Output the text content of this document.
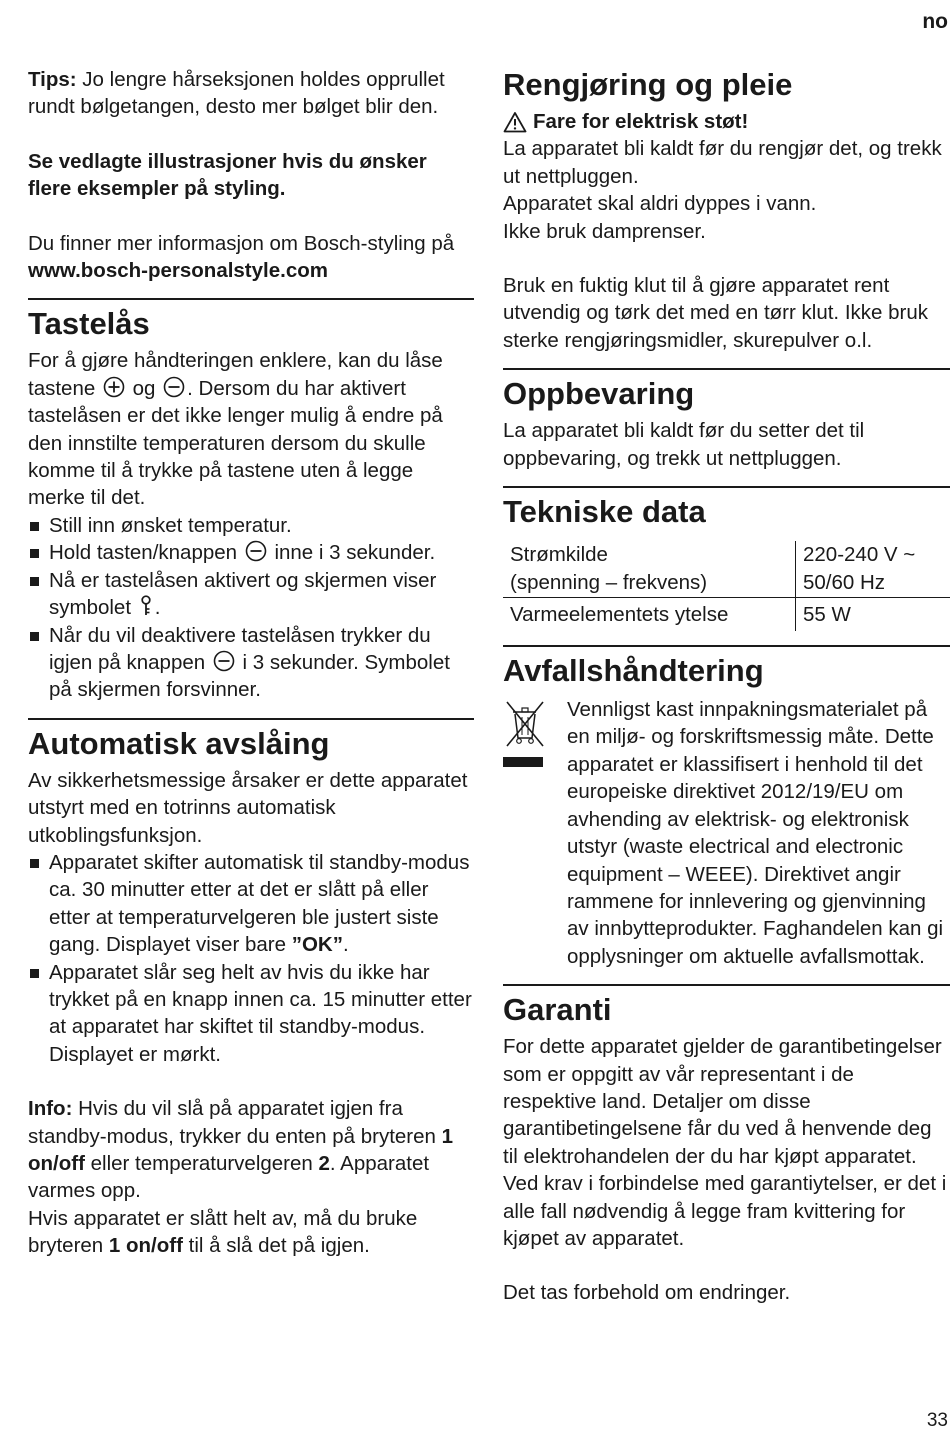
no

Tips: Jo lengre hårseksjonen holdes opprullet rundt bølgetangen, desto mer bølget blir den.

Se vedlagte illustrasjoner hvis du ønsker flere eksempler på styling.

Du finner mer informasjon om Bosch-styling på www.bosch-personalstyle.com

Tastelås

For å gjøre håndteringen enklere, kan du låse tastene  og . Dersom du har aktivert tastelåsen er det ikke lenger mulig å endre på den innstilte temperaturen dersom du skulle komme til å trykke på tastene uten å legge merke til det.

Still inn ønsket temperatur.
Hold tasten/knappen  inne i 3 sekunder.
Nå er tastelåsen aktivert og skjermen viser symbolet .
Når du vil deaktivere tastelåsen trykker du igjen på knappen  i 3 sekunder. Symbolet på skjermen forsvinner.
Automatisk avslåing

Av sikkerhetsmessige årsaker er dette apparatet utstyrt med en totrinns automatisk utkoblingsfunksjon.

Apparatet skifter automatisk til standby-modus ca. 30 minutter etter at det er slått på eller etter at temperaturvelgeren ble justert siste gang. Displayet viser bare ”OK”.
Apparatet slår seg helt av hvis du ikke har trykket på en knapp innen ca. 15 minutter etter at apparatet har skiftet til standby-modus. Displayet er mørkt.

Info: Hvis du vil slå på apparatet igjen fra standby-modus, trykker du enten på bryteren 1 on/off eller temperaturvelgeren 2. Apparatet varmes opp.

Hvis apparatet er slått helt av, må du bruke bryteren 1 on/off til å slå det på igjen.

Rengjøring og pleie
Fare for elektrisk støt!

La apparatet bli kaldt før du rengjør det, og trekk ut nettpluggen.

Apparatet skal aldri dyppes i vann.

Ikke bruk damprenser.

Bruk en fuktig klut til å gjøre apparatet rent utvendig og tørk det med en tørr klut. Ikke bruk sterke rengjøringsmidler, skurepulver o.l.

Oppbevaring

La apparatet bli kaldt før du setter det til oppbevaring, og trekk ut nettpluggen.

Tekniske data
Strømkilde
(spenning – frekvens)	220-240 V ~
50/60 Hz
Varmeelementets ytelse	55 W
Avfallshåndtering

Vennligst kast innpakningsmaterialet på en miljø- og forskriftsmessig måte. Dette apparatet er klassifisert i henhold til det europeiske direktivet 2012/19/EU om avhending av elektrisk- og elektronisk utstyr (waste electrical and electronic equipment – WEEE). Direktivet angir rammene for innlevering og gjenvinning av innbytteprodukter. Faghandelen kan gi opplysninger om aktuelle avfallsmottak.

Garanti

For dette apparatet gjelder de garantibetingelser som er oppgitt av vår representant i de respektive land. Detaljer om disse garantibetingelsene får du ved å henvende deg til elektrohandelen der du har kjøpt apparatet. Ved krav i forbindelse med garantiytelser, er det i alle fall nødvendig å legge fram kvittering for kjøpet av apparatet.

Det tas forbehold om endringer.

33
